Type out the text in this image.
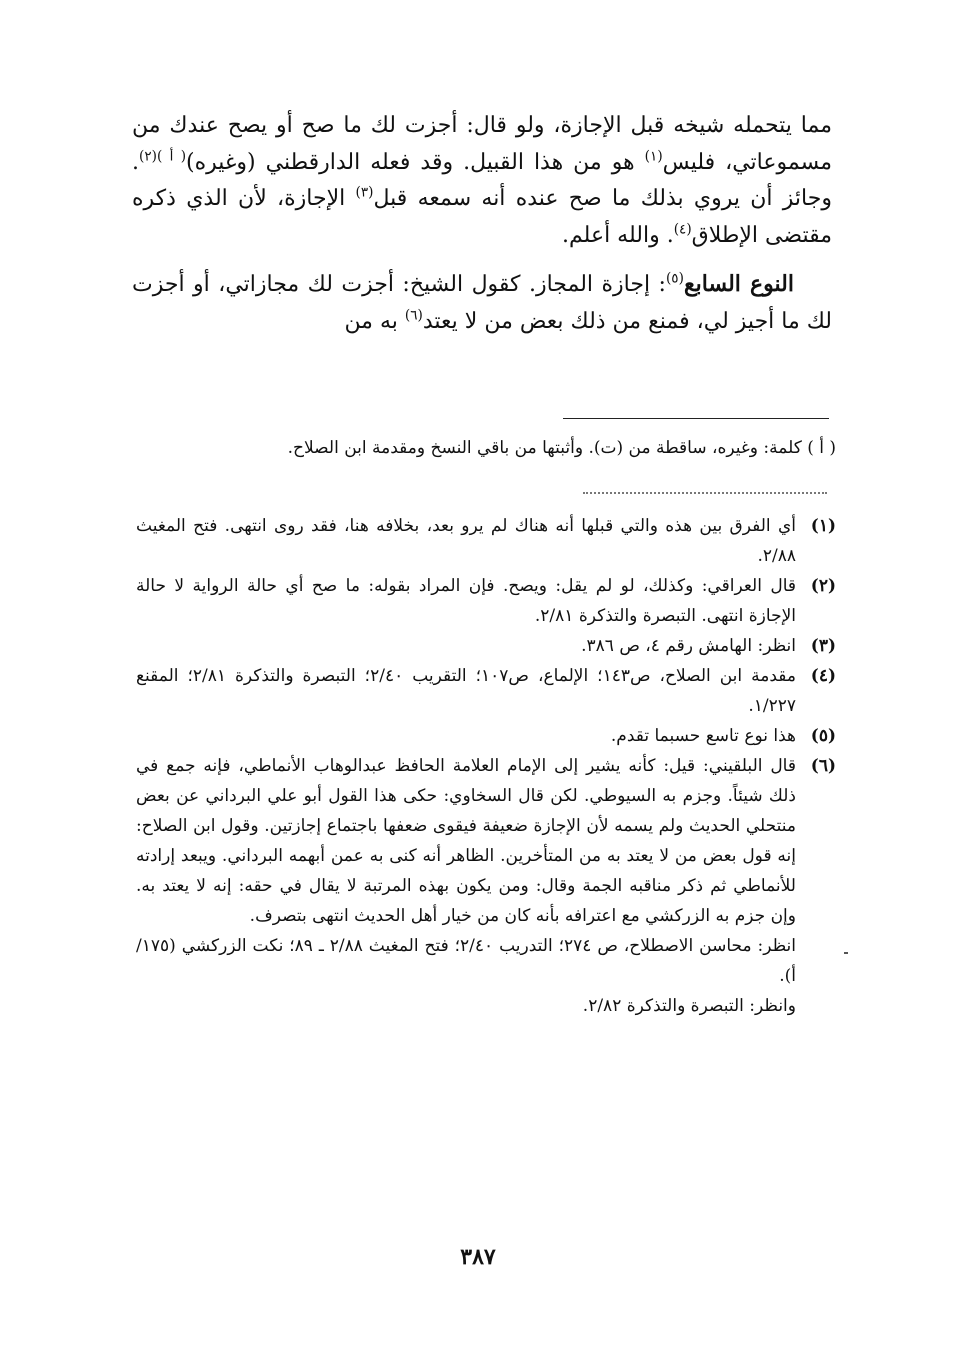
مما يتحمله شيخه قبل الإجازة، ولو قال: أجزت لك ما صح أو يصح عندك من مسموعاتي، فليس$^{(١)}$ هو من هذا القبيل. وقد فعله الدارقطني (وغيره)$^{( أ )(٢)}$. وجائز أن يروي بذلك ما صح عنده أنه سمعه قبل$^{(٣)}$ الإجازة، لأن الذي ذكره مقتضى الإطلاق$^{(٤)}$. والله أعلم.

النوع السابع$^{(٥)}$: إجازة المجاز. كقول الشيخ: أجزت لك مجازاتي، أو أجزت لك ما أجيز لي، فمنع من ذلك بعض من لا يعتد$^{(٦)}$ به من

( أ ) كلمة: وغيره، ساقطة من (ت). وأثبتها من باقي النسخ ومقدمة ابن الصلاح.
(١)
أي الفرق بين هذه والتي قبلها أنه هناك لم يرو بعد، بخلافه هنا، فقد روى انتهى. فتح المغيث ٢/٨٨.
(٢)
قال العراقي: وكذلك، لو لم يقل: ويصح. فإن المراد بقوله: ما صح أي حالة الرواية لا حالة الإجازة انتهى. التبصرة والتذكرة ٢/٨١.
(٣)
انظر: الهامش رقم ٤، ص ٣٨٦.
(٤)
مقدمة ابن الصلاح، ص١٤٣؛ الإلماع، ص١٠٧؛ التقريب ٢/٤٠؛ التبصرة والتذكرة ٢/٨١؛ المقنع ١/٢٢٧.
(٥)
هذا نوع تاسع حسبما تقدم.
(٦)
قال البلقيني: قيل: كأنه يشير إلى الإمام العلامة الحافظ عبدالوهاب الأنماطي، فإنه جمع في ذلك شيئاً. وجزم به السيوطي. لكن قال السخاوي: حكى هذا القول أبو علي البرداني عن بعض منتحلي الحديث ولم يسمه لأن الإجازة ضعيفة فيقوى ضعفها باجتماع إجازتين. وقول ابن الصلاح: إنه قول بعض من لا يعتد به من المتأخرين. الظاهر أنه كنى به عمن أبهمه البرداني. ويبعد إرادته للأنماطي ثم ذكر مناقبه الجمة وقال: ومن يكون بهذه المرتبة لا يقال في حقه: إنه لا يعتد به. وإن جزم به الزركشي مع اعترافه بأنه كان من خيار أهل الحديث انتهى بتصرف.
انظر: محاسن الاصطلاح، ص ٢٧٤؛ التدريب ٢/٤٠؛ فتح المغيث ٢/٨٨ ـ ٨٩؛ نكت الزركشي (١٧٥/أ).
وانظر: التبصرة والتذكرة ٢/٨٢.
٣٨٧
